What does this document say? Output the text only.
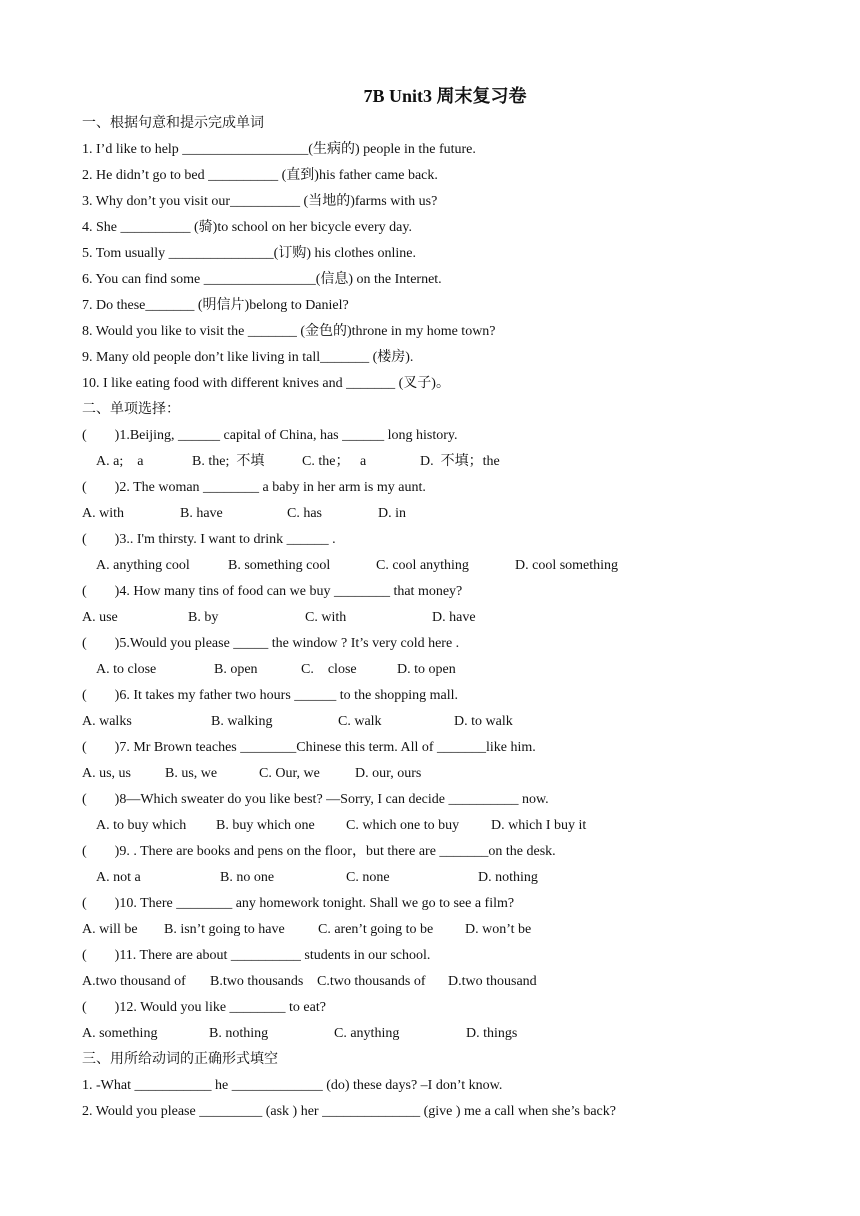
7B Unit3 周末复习卷
一、根据句意和提示完成单词
1. I’d like to help __________________(生病的) people in the future.
2. He didn’t go to bed __________ (直到)his father came back.
3. Why don’t you visit our__________ (当地的)farms with us?
4. She __________ (骑)to school on her bicycle every day.
5. Tom usually _______________(订购) his clothes online.
6. You can find some ________________(信息) on the Internet.
7. Do these_______ (明信片)belong to Daniel?
8. Would you like to visit the _______ (金色的)throne in my home town?
9. Many old people don’t like living in tall_______ (楼房).
10. I like eating food with different knives and _______ (叉子)。
二、单项选择：
(        )1.Beijing, ______ capital of China, has ______ long history.
A. a;    a	B. the;  不填	C. the；   a	D.  不填；the
(        )2. The woman ________ a baby in her arm is my aunt.
A. with	B. have	C. has	D. in
(        )3.. I'm thirsty. I want to drink ______ .
A. anything cool	B. something cool	C. cool anything	D. cool something
(        )4. How many tins of food can we buy ________ that money?
A. use	B. by	C. with	D. have
(        )5.Would you please _____ the window ? It’s very cold here .
A. to close	B. open	C.    close	D. to open
(        )6. It takes my father two hours ______ to the shopping mall.
A. walks	B. walking	C. walk	D. to walk
(        )7. Mr Brown teaches ________Chinese this term. All of _______like him.
A. us, us B. us, we	C. Our, we	D. our, ours
(        )8—Which sweater do you like best? —Sorry, I can decide __________ now.
A. to buy which B. buy which one C. which one to buy D. which I buy it
(        )9. . There are books and pens on the floor，but there are _______on the desk.
A. not a	B. no one	C. none	D. nothing
(        )10. There ________ any homework tonight. Shall we go to see a film?
A. will be B. isn’t going to have C. aren’t going to be D. won’t be
(        )11. There are about __________ students in our school.
A.two thousand of B.two thousands C.two thousands of D.two thousand
(        )12. Would you like ________ to eat?
A. something	B. nothing	C. anything	D. things
三、用所给动词的正确形式填空
1. -What ___________ he _____________ (do) these days? –I don’t know.
2. Would you please _________ (ask ) her ______________ (give ) me a call when she’s back?
